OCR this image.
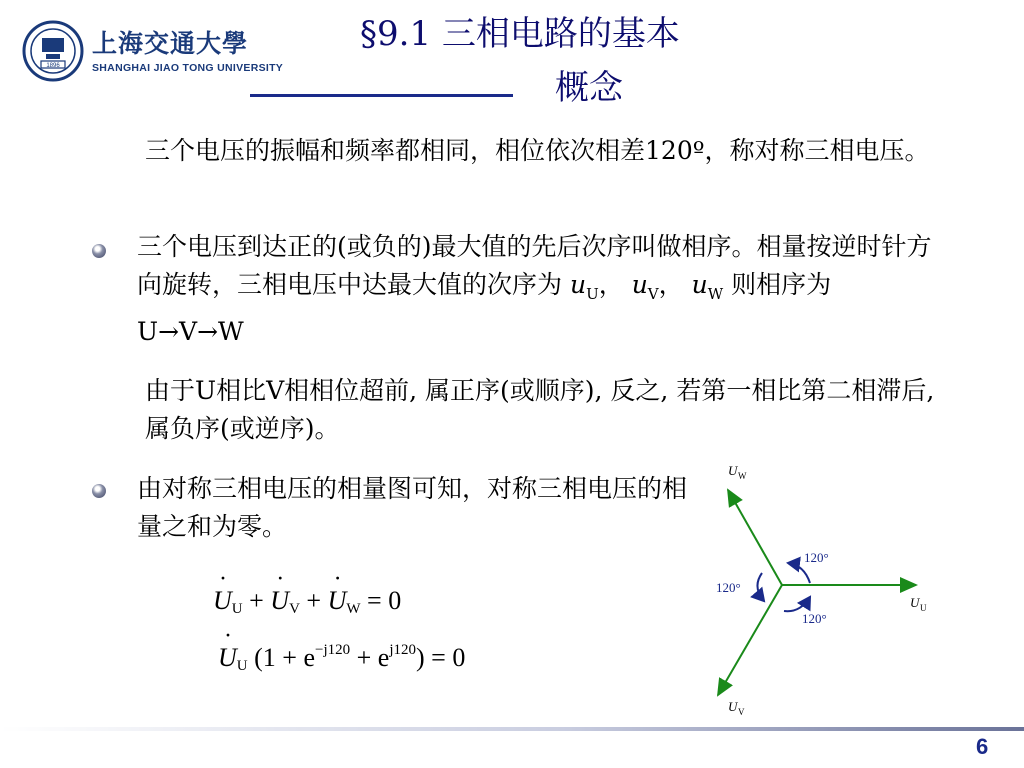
1896
上海交通大學
SHANGHAI JIAO TONG UNIVERSITY
§9.1 三相电路的基本
概念
三个电压的振幅和频率都相同，相位依次相差120º，称对称三相电压。
三个电压到达正的(或负的)最大值的先后次序叫做相序。相量按逆时针方向旋转，三相电压中达最大值的次序为 $u_U$， $u_V$， $u_W$ 则相序为U→V→W
由于U相比V相相位超前, 属正序(或顺序), 反之, 若第一相比第二相滞后, 属负序(或逆序)。
由对称三相电压的相量图可知，对称三相电压的相量之和为零。
· UU + · UV + · UW = 0
· UU $(1 + e^{-j120} + e^{j120}) = 0$
U W
U U
U V
120°
120°
120°
6
